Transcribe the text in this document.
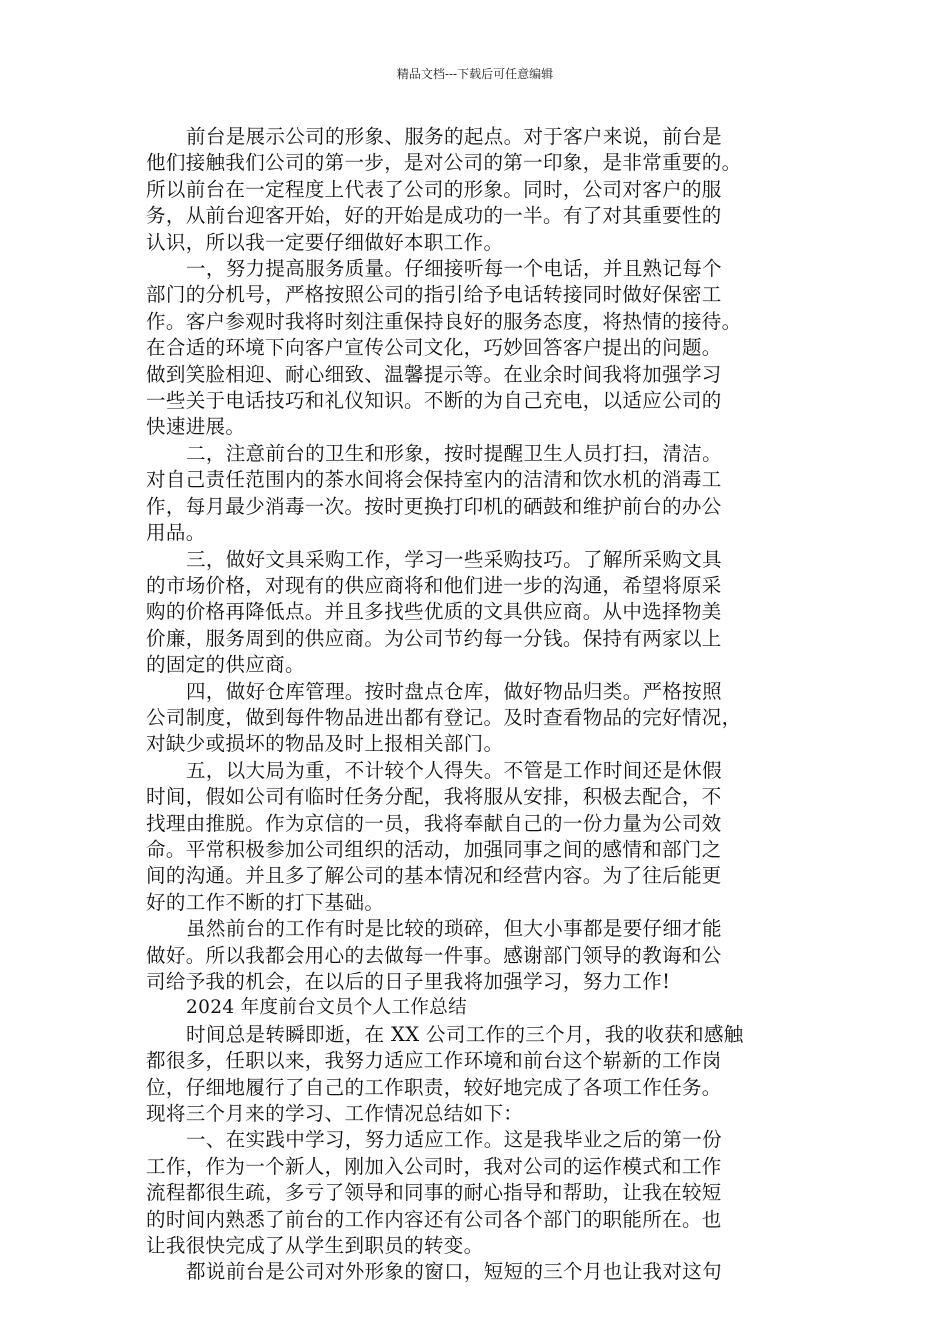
精品文档---下载后可任意编辑
前台是展示公司的形象、服务的起点。对于客户来说，前台是
他们接触我们公司的第一步，是对公司的第一印象，是非常重要的。
所以前台在一定程度上代表了公司的形象。同时，公司对客户的服
务，从前台迎客开始，好的开始是成功的一半。有了对其重要性的
认识，所以我一定要仔细做好本职工作。
一，努力提高服务质量。仔细接听每一个电话，并且熟记每个
部门的分机号，严格按照公司的指引给予电话转接同时做好保密工
作。客户参观时我将时刻注重保持良好的服务态度，将热情的接待。
在合适的环境下向客户宣传公司文化，巧妙回答客户提出的问题。
做到笑脸相迎、耐心细致、温馨提示等。在业余时间我将加强学习
一些关于电话技巧和礼仪知识。不断的为自己充电，以适应公司的
快速进展。
二，注意前台的卫生和形象，按时提醒卫生人员打扫，清洁。
对自己责任范围内的茶水间将会保持室内的洁清和饮水机的消毒工
作，每月最少消毒一次。按时更换打印机的硒鼓和维护前台的办公
用品。
三，做好文具采购工作，学习一些采购技巧。了解所采购文具
的市场价格，对现有的供应商将和他们进一步的沟通，希望将原采
购的价格再降低点。并且多找些优质的文具供应商。从中选择物美
价廉，服务周到的供应商。为公司节约每一分钱。保持有两家以上
的固定的供应商。
四，做好仓库管理。按时盘点仓库，做好物品归类。严格按照
公司制度，做到每件物品进出都有登记。及时查看物品的完好情况，
对缺少或损坏的物品及时上报相关部门。
五，以大局为重，不计较个人得失。不管是工作时间还是休假
时间，假如公司有临时任务分配，我将服从安排，积极去配合，不
找理由推脱。作为京信的一员，我将奉献自己的一份力量为公司效
命。平常积极参加公司组织的活动，加强同事之间的感情和部门之
间的沟通。并且多了解公司的基本情况和经营内容。为了往后能更
好的工作不断的打下基础。
虽然前台的工作有时是比较的琐碎，但大小事都是要仔细才能
做好。所以我都会用心的去做每一件事。感谢部门领导的教诲和公
司给予我的机会，在以后的日子里我将加强学习，努力工作!
2024 年度前台文员个人工作总结
时间总是转瞬即逝，在 XX 公司工作的三个月，我的收获和感触
都很多，任职以来，我努力适应工作环境和前台这个崭新的工作岗
位，仔细地履行了自己的工作职责，较好地完成了各项工作任务。
现将三个月来的学习、工作情况总结如下：
一、在实践中学习，努力适应工作。这是我毕业之后的第一份
工作，作为一个新人，刚加入公司时，我对公司的运作模式和工作
流程都很生疏，多亏了领导和同事的耐心指导和帮助，让我在较短
的时间内熟悉了前台的工作内容还有公司各个部门的职能所在。也
让我很快完成了从学生到职员的转变。
都说前台是公司对外形象的窗口，短短的三个月也让我对这句
